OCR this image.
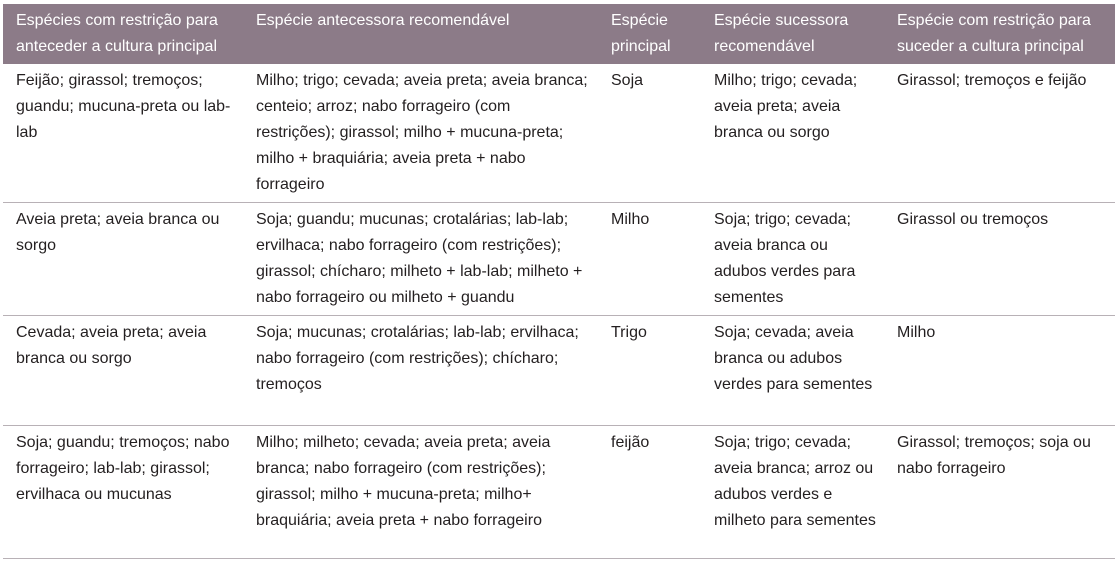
Espécies com restrição para anteceder a cultura principal	Espécie antecessora recomendável	Espécie principal	Espécie sucessora recomendável	Espécie com restrição para suceder a cultura principal
Feijão; girassol; tremoços; guandu; mucuna-preta ou lab-lab	Milho; trigo; cevada; aveia preta; aveia branca; centeio; arroz; nabo forrageiro (com restrições); girassol; milho + mucuna-preta; milho + braquiária; aveia preta + nabo forrageiro	Soja	Milho; trigo; cevada; aveia preta; aveia branca ou sorgo	Girassol; tremoços e feijão
Aveia preta; aveia branca ou sorgo	Soja; guandu; mucunas; crotalárias; lab-lab; ervilhaca; nabo forrageiro (com restrições); girassol; chícharo; milheto + lab-lab; milheto + nabo forrageiro ou milheto + guandu	Milho	Soja; trigo; cevada; aveia branca ou adubos verdes para sementes	Girassol ou tremoços
Cevada; aveia preta; aveia branca ou sorgo	Soja; mucunas; crotalárias; lab-lab; ervilhaca; nabo forrageiro (com restrições); chícharo; tremoços	Trigo	Soja; cevada; aveia branca ou adubos verdes para sementes	Milho
Soja; guandu; tremoços; nabo forrageiro; lab-lab; girassol; ervilhaca ou mucunas	Milho; milheto; cevada; aveia preta; aveia branca; nabo forrageiro (com restrições); girassol; milho + mucuna-preta; milho+ braquiária; aveia preta + nabo forrageiro	feijão	Soja; trigo; cevada; aveia branca; arroz ou adubos verdes e milheto para sementes	Girassol; tremoços; soja ou nabo forrageiro
